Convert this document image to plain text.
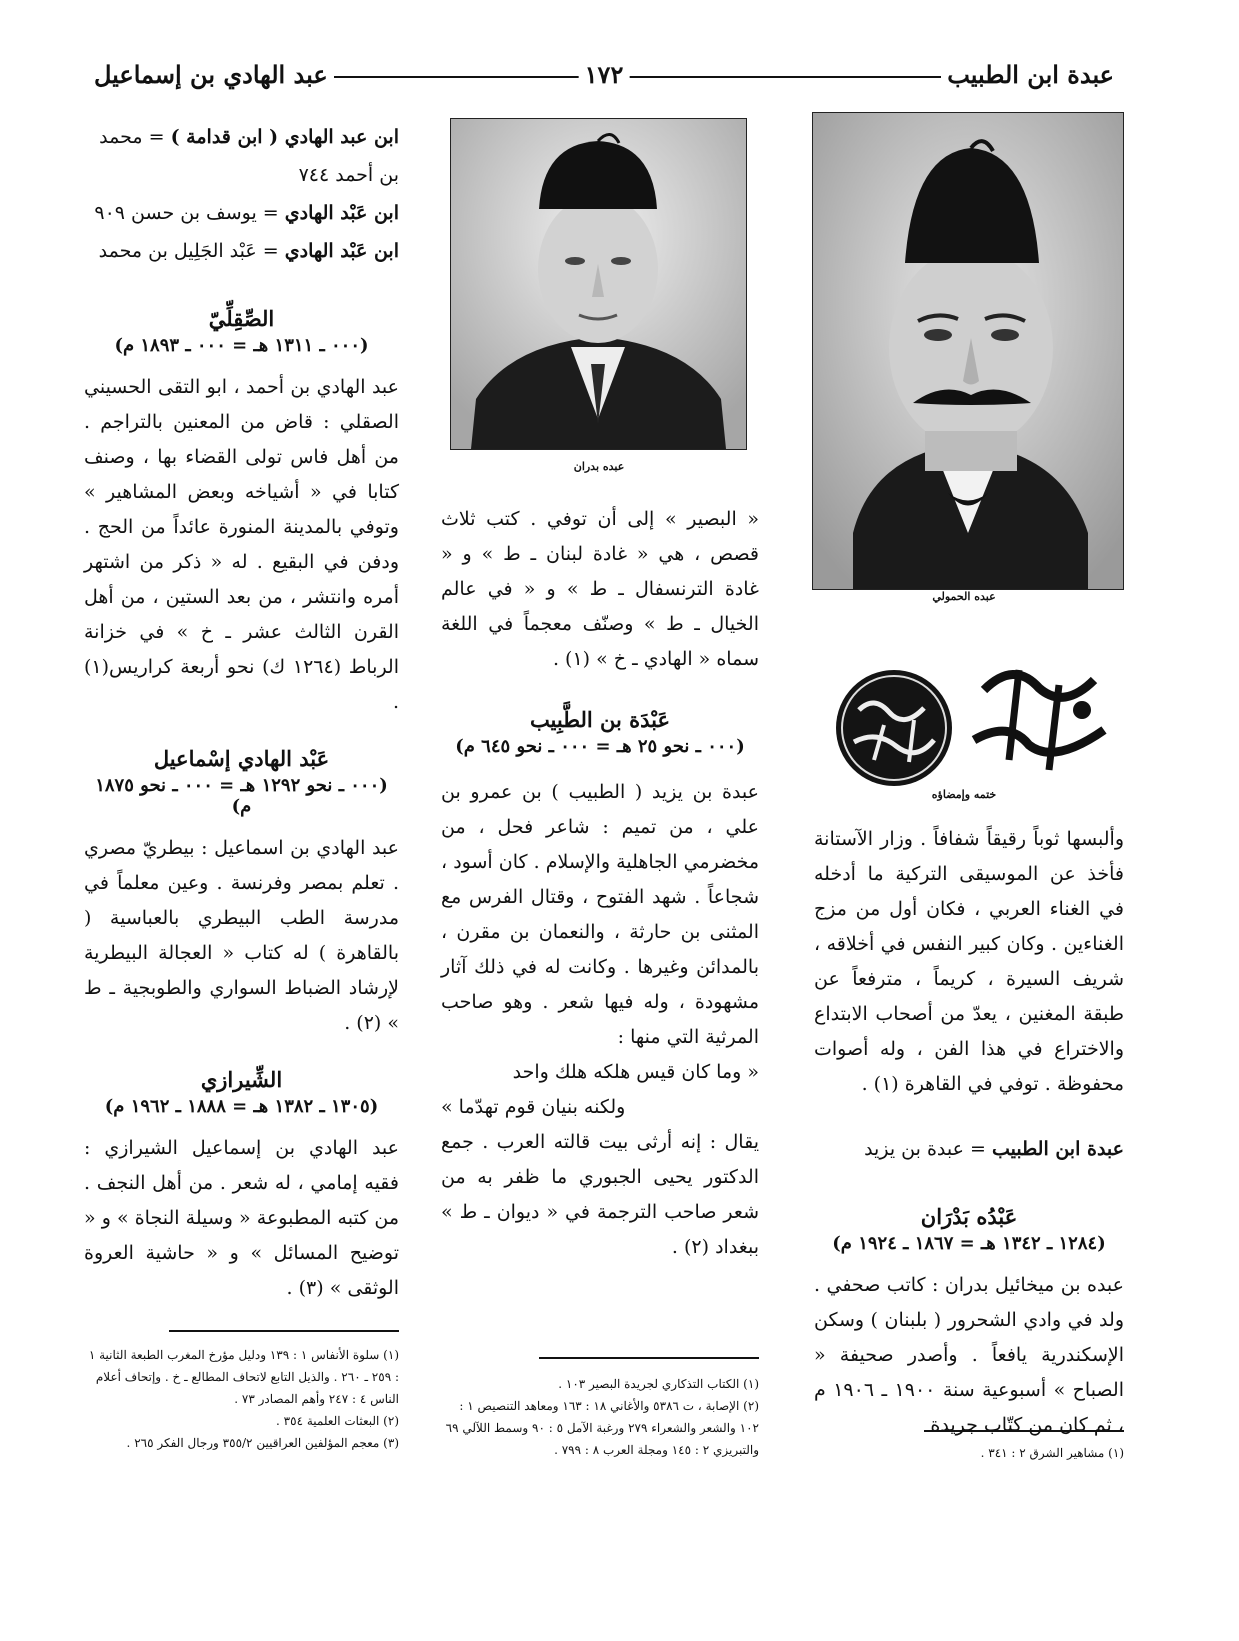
عبدة ابن الطبيب
١٧٢
عبد الهادي بن إسماعيل
عبده الحمولي
ختمه وإمضاؤه

وألبسها ثوباً رقيقاً شفافاً . وزار الآستانة فأخذ عن الموسيقى التركية ما أدخله في الغناء العربي ، فكان أول من مزج الغناءين . وكان كبير النفس في أخلاقه ، شريف السيرة ، كريماً ، مترفعاً عن طبقة المغنين ، يعدّ من أصحاب الابتداع والاختراع في هذا الفن ، وله أصوات محفوظة . توفي في القاهرة (١) .

عبدة ابن الطبيب = عبدة بن يزيد

عَبْدُه بَدْرَان
(١٢٨٤ ـ ١٣٤٢ هـ = ١٨٦٧ ـ ١٩٢٤ م)

عبده بن ميخائيل بدران : كاتب صحفي . ولد في وادي الشحرور ( بلبنان ) وسكن الإسكندرية يافعاً . وأصدر صحيفة « الصباح » أسبوعية سنة ١٩٠٠ ـ ١٩٠٦ م ، ثم كان من كتّاب جريدة

(١) مشاهير الشرق ٢ : ٣٤١ .

عبده بدران

« البصير » إلى أن توفي . كتب ثلاث قصص ، هي « غادة لبنان ـ ط » و « غادة الترنسفال ـ ط » و « في عالم الخيال ـ ط » وصنّف معجماً في اللغة سماه « الهادي ـ خ » (١) .

عَبْدَة بن الطَّبِيب
(٠٠٠ ـ نحو ٢٥ هـ = ٠٠٠ ـ نحو ٦٤٥ م)

عبدة بن يزيد ( الطبيب ) بن عمرو بن علي ، من تميم : شاعر فحل ، من مخضرمي الجاهلية والإسلام . كان أسود ، شجاعاً . شهد الفتوح ، وقتال الفرس مع المثنى بن حارثة ، والنعمان بن مقرن ، بالمدائن وغيرها . وكانت له في ذلك آثار مشهودة ، وله فيها شعر . وهو صاحب المرثية التي منها :

« وما كان قيس هلكه هلك واحد

ولكنه بنيان قوم تهدّما »

يقال : إنه أرثى بيت قالته العرب . جمع الدكتور يحيى الجبوري ما ظفر به من شعر صاحب الترجمة في « ديوان ـ ط » ببغداد (٢) .

(١) الكتاب التذكاري لجريدة البصير ١٠٣ .

(٢) الإصابة ، ت ٥٣٨٦ والأغاني ١٨ : ١٦٣ ومعاهد التنصيص ١ : ١٠٢ والشعر والشعراء ٢٧٩ ورغبة الآمل ٥ : ٩٠ وسمط اللآلي ٦٩ والتبريزي ٢ : ١٤٥ ومجلة العرب ٨ : ٧٩٩ .

ابن عبد الهادي ( ابن قدامة ) = محمد بن أحمد ٧٤٤

ابن عَبْد الهادي = يوسف بن حسن ٩٠٩

ابن عَبْد الهادي = عَبْد الجَلِيل بن محمد

الصِّقِلِّيّ
(٠٠٠ ـ ١٣١١ هـ = ٠٠٠ ـ ١٨٩٣ م)

عبد الهادي بن أحمد ، ابو التقى الحسيني الصقلي : قاض من المعنين بالتراجم . من أهل فاس تولى القضاء بها ، وصنف كتابا في « أشياخه وبعض المشاهير » وتوفي بالمدينة المنورة عائداً من الحج . ودفن في البقيع . له « ذكر من اشتهر أمره وانتشر ، من بعد الستين ، من أهل القرن الثالث عشر ـ خ » في خزانة الرباط (١٢٦٤ ك) نحو أربعة كراريس(١) .

عَبْد الهادي إسْماعيل
(٠٠٠ ـ نحو ١٢٩٢ هـ = ٠٠٠ ـ نحو ١٨٧٥ م)

عبد الهادي بن اسماعيل : بيطريّ مصري . تعلم بمصر وفرنسة . وعين معلماً في مدرسة الطب البيطري بالعباسية ( بالقاهرة ) له كتاب « العجالة البيطرية لإرشاد الضباط السواري والطوبجية ـ ط » (٢) .

الشِّيرازي
(١٣٠٥ ـ ١٣٨٢ هـ = ١٨٨٨ ـ ١٩٦٢ م)

عبد الهادي بن إسماعيل الشيرازي : فقيه إمامي ، له شعر . من أهل النجف . من كتبه المطبوعة « وسيلة النجاة » و « توضيح المسائل » و « حاشية العروة الوثقى » (٣) .

(١) سلوة الأنفاس ١ : ١٣٩ ودليل مؤرخ المغرب الطبعة الثانية ١ : ٢٥٩ ـ ٢٦٠ . والذيل التابع لاتحاف المطالع ـ خ . وإتحاف أعلام الناس ٤ : ٢٤٧ وأهم المصادر ٧٣ .

(٢) البعثات العلمية ٣٥٤ .

(٣) معجم المؤلفين العراقيين ٣٥٥/٢ ورجال الفكر ٢٦٥ .
